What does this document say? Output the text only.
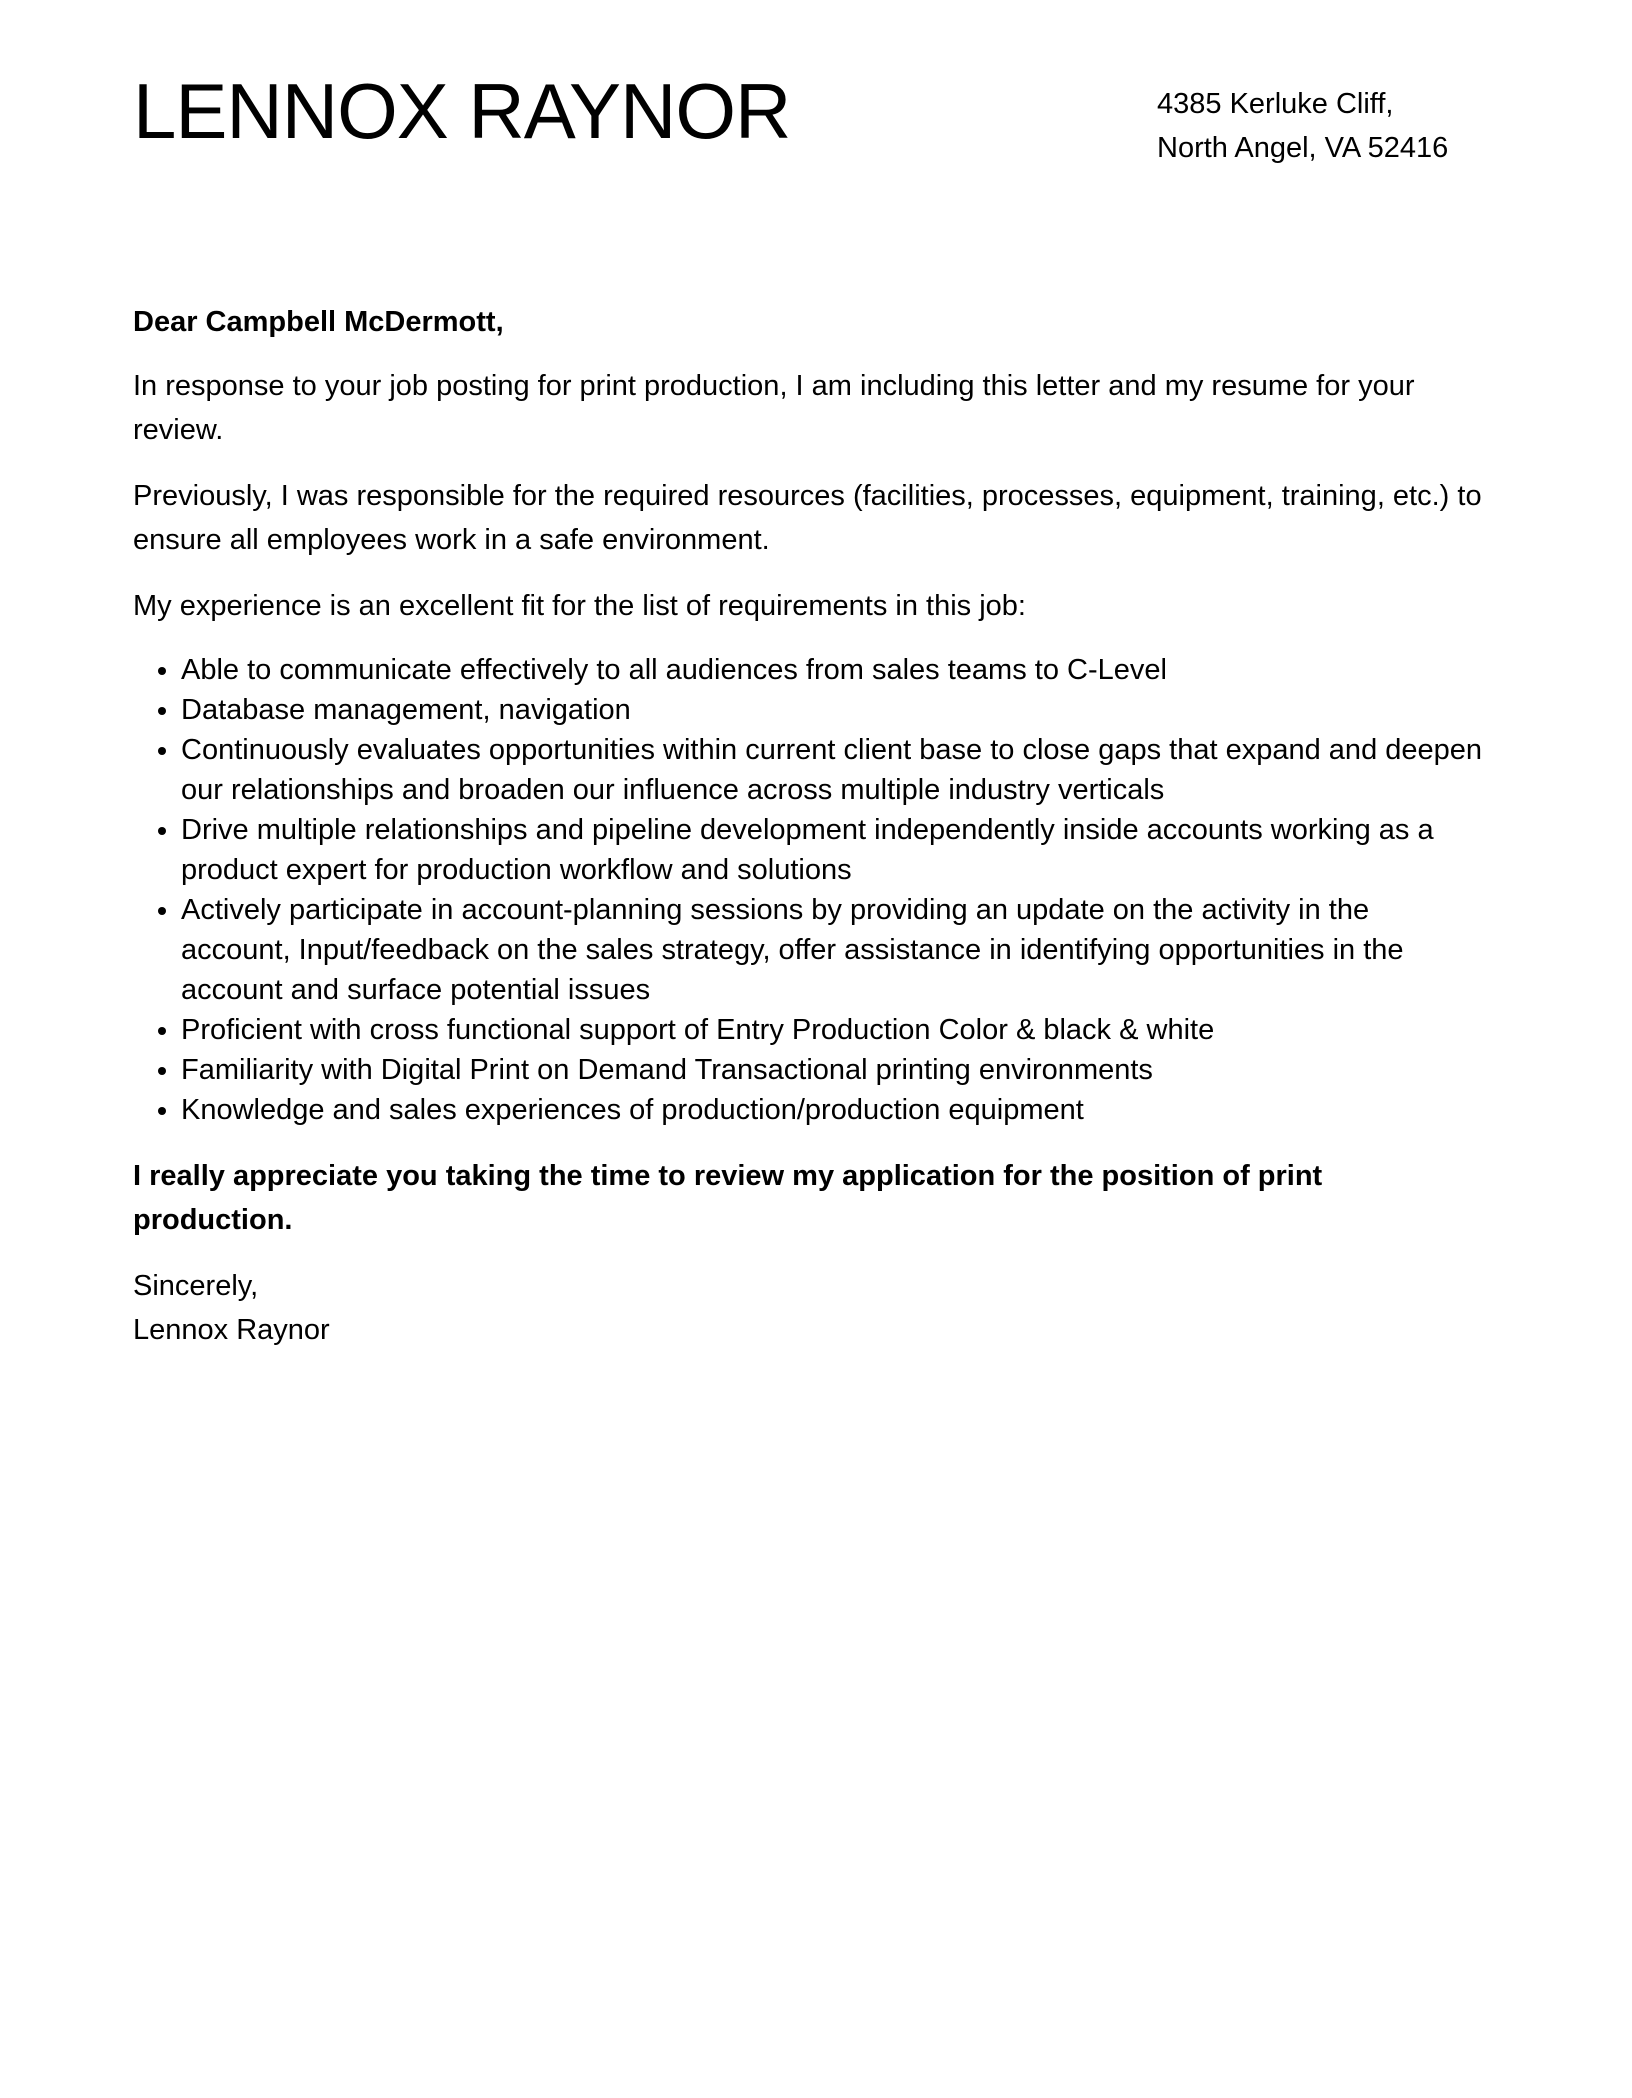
LENNOX RAYNOR	4385 Kerluke Cliff,
North Angel, VA 52416

Dear Campbell McDermott,

In response to your job posting for print production, I am including this letter and my resume for your review.

Previously, I was responsible for the required resources (facilities, processes, equipment, training, etc.) to ensure all employees work in a safe environment.

My experience is an excellent fit for the list of requirements in this job:

• Able to communicate effectively to all audiences from sales teams to C-Level
• Database management, navigation
• Continuously evaluates opportunities within current client base to close gaps that expand and deepen our relationships and broaden our influence across multiple industry verticals
• Drive multiple relationships and pipeline development independently inside accounts working as a product expert for production workflow and solutions
• Actively participate in account-planning sessions by providing an update on the activity in the account, Input/feedback on the sales strategy, offer assistance in identifying opportunities in the account and surface potential issues
• Proficient with cross functional support of Entry Production Color & black & white
• Familiarity with Digital Print on Demand Transactional printing environments
• Knowledge and sales experiences of production/production equipment

I really appreciate you taking the time to review my application for the position of print production.

Sincerely,
Lennox Raynor
